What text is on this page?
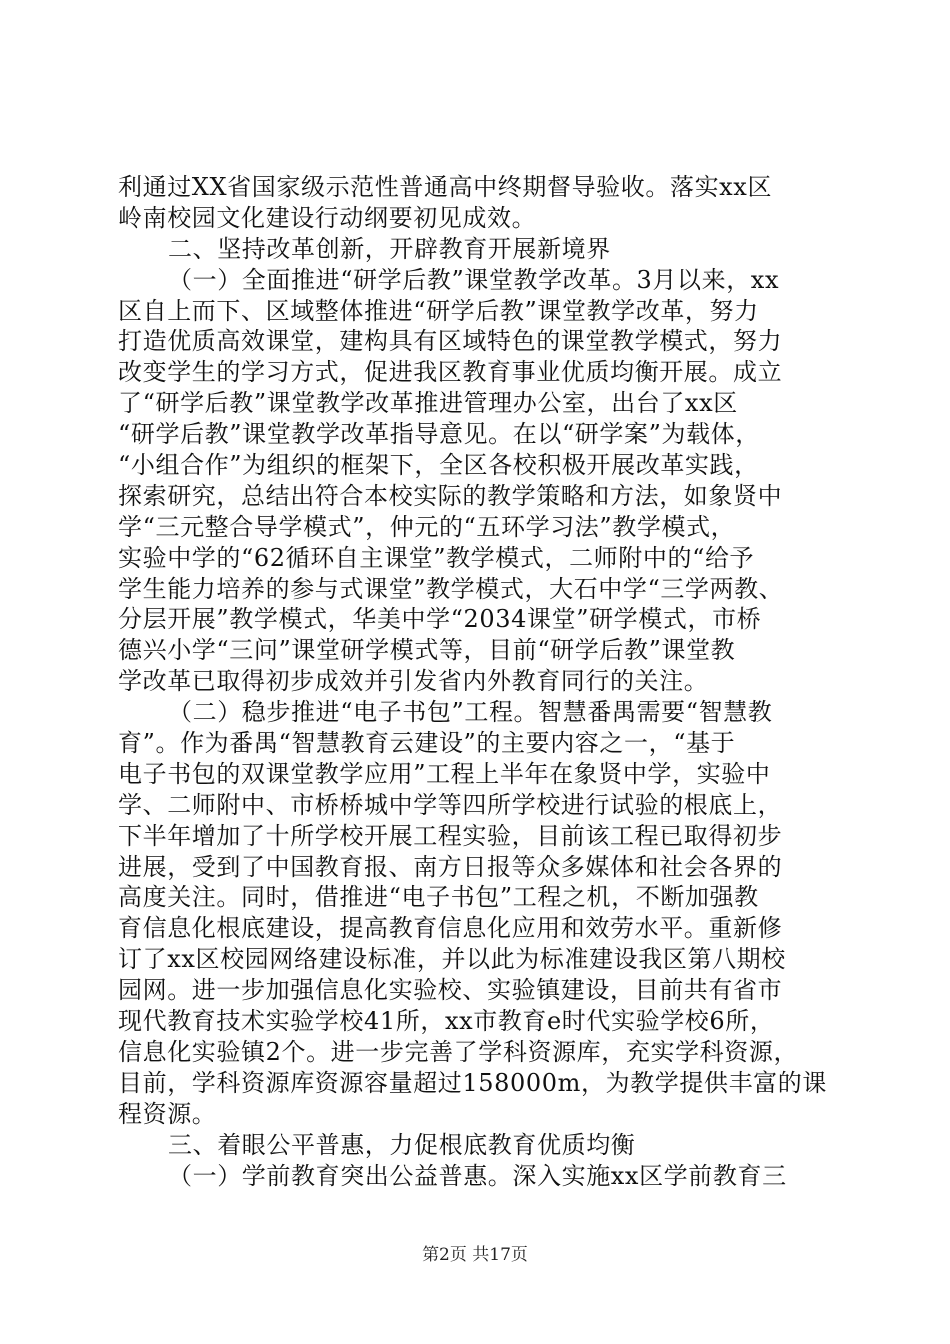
利通过XX省国家级示范性普通高中终期督导验收。落实xx区
岭南校园文化建设行动纲要初见成效。
二、坚持改革创新，开辟教育开展新境界
（一）全面推进“研学后教”课堂教学改革。3月以来，xx
区自上而下、区域整体推进“研学后教”课堂教学改革，努力
打造优质高效课堂，建构具有区域特色的课堂教学模式，努力
改变学生的学习方式，促进我区教育事业优质均衡开展。成立
了“研学后教”课堂教学改革推进管理办公室，出台了xx区
“研学后教”课堂教学改革指导意见。在以“研学案”为载体，
“小组合作”为组织的框架下，全区各校积极开展改革实践，
探索研究，总结出符合本校实际的教学策略和方法，如象贤中
学“三元整合导学模式”，仲元的“五环学习法”教学模式，
实验中学的“62循环自主课堂”教学模式，二师附中的“给予
学生能力培养的参与式课堂”教学模式，大石中学“三学两教、
分层开展”教学模式，华美中学“2034课堂”研学模式，市桥
德兴小学“三问”课堂研学模式等，目前“研学后教”课堂教
学改革已取得初步成效并引发省内外教育同行的关注。
（二）稳步推进“电子书包”工程。智慧番禺需要“智慧教
育”。作为番禺“智慧教育云建设”的主要内容之一，“基于
电子书包的双课堂教学应用”工程上半年在象贤中学，实验中
学、二师附中、市桥桥城中学等四所学校进行试验的根底上，
下半年增加了十所学校开展工程实验，目前该工程已取得初步
进展，受到了中国教育报、南方日报等众多媒体和社会各界的
高度关注。同时，借推进“电子书包”工程之机，不断加强教
育信息化根底建设，提高教育信息化应用和效劳水平。重新修
订了xx区校园网络建设标准，并以此为标准建设我区第八期校
园网。进一步加强信息化实验校、实验镇建设，目前共有省市
现代教育技术实验学校41所，xx市教育e时代实验学校6所，
信息化实验镇2个。进一步完善了学科资源库，充实学科资源，
目前，学科资源库资源容量超过158000m，为教学提供丰富的课
程资源。
三、着眼公平普惠，力促根底教育优质均衡
（一）学前教育突出公益普惠。深入实施xx区学前教育三
第2页 共17页
